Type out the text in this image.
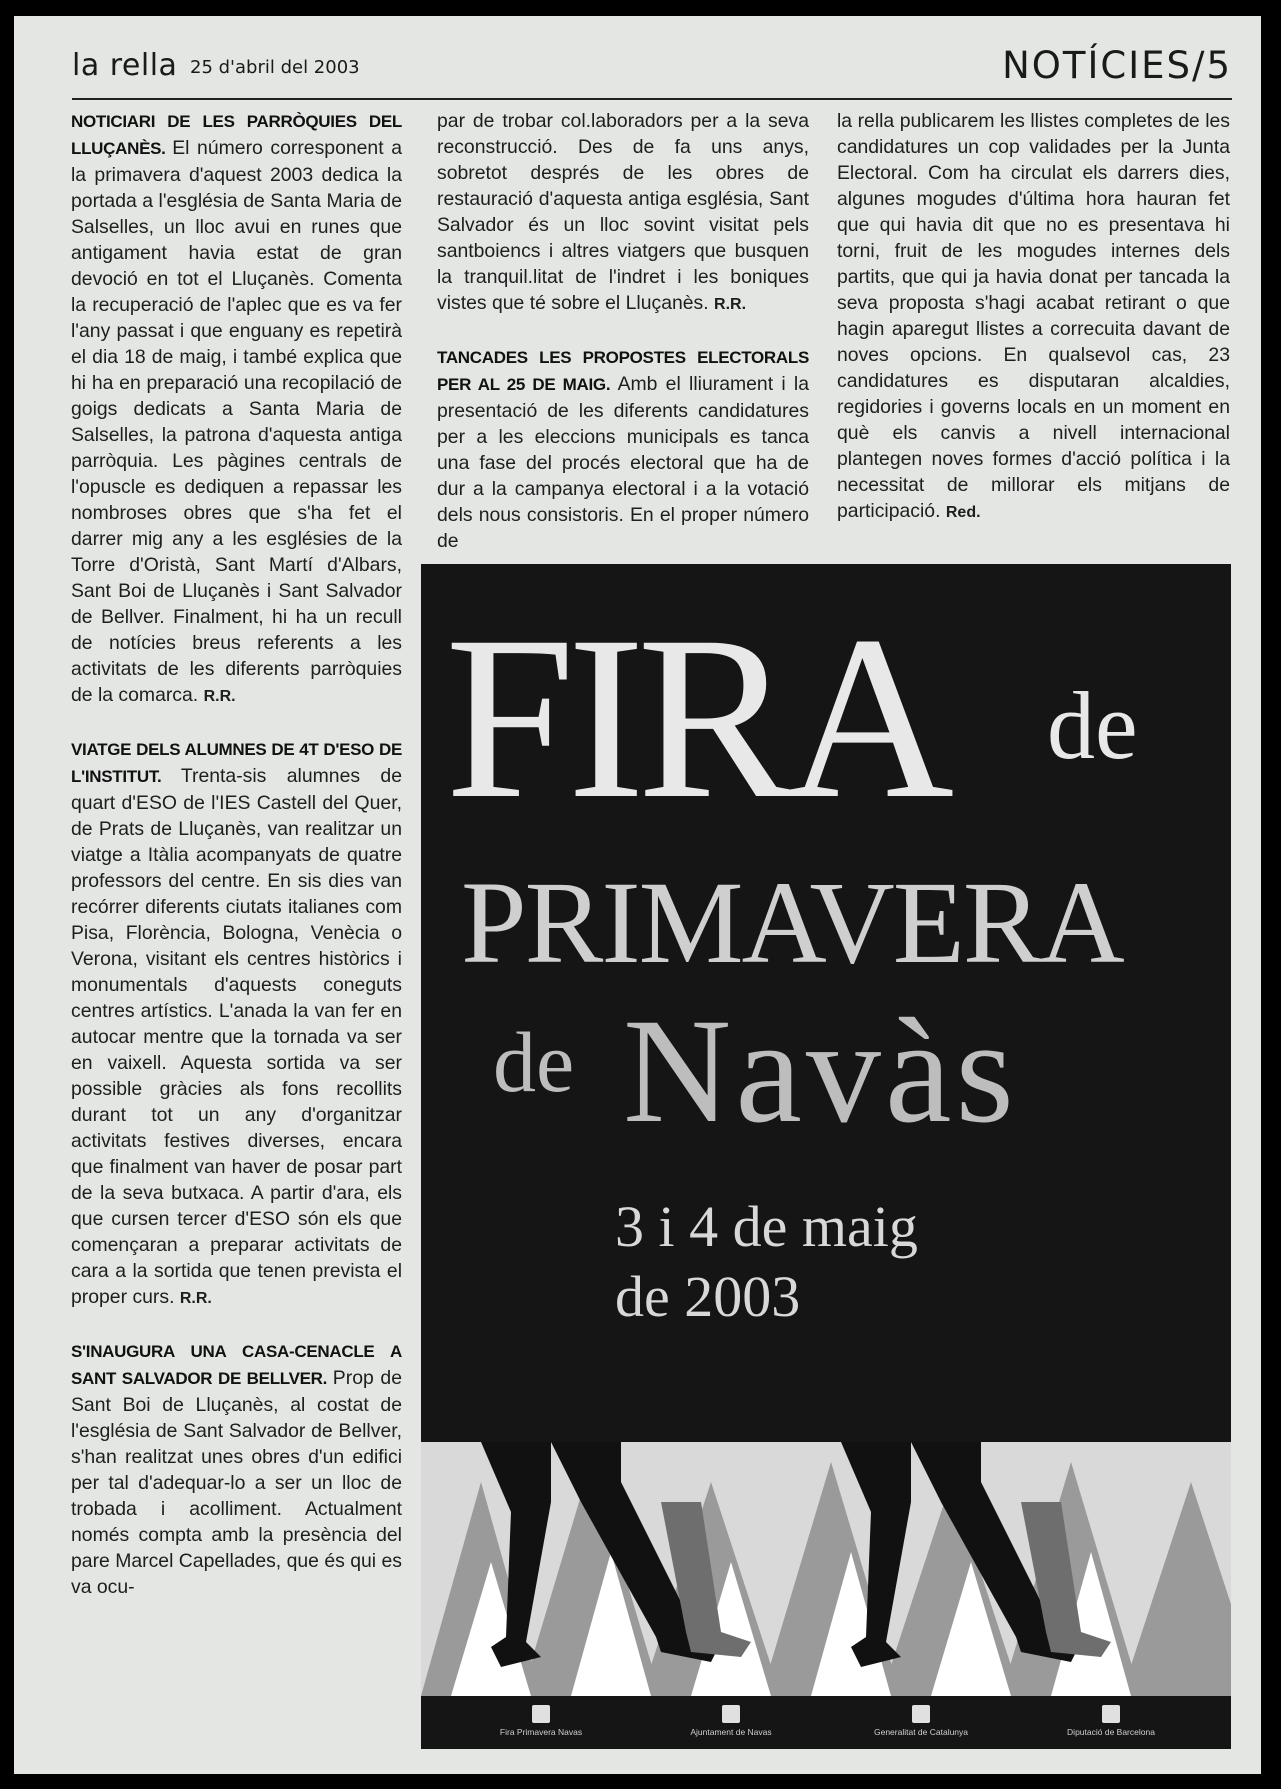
la rella 25 d'abril del 2003	NOTÍCIES/5

NOTICIARI DE LES PARRÒQUIES DEL LLUÇANÈS. El número corresponent a la primavera d'aquest 2003 dedica la portada a l'església de Santa Maria de Salselles, un lloc avui en runes que antigament havia estat de gran devoció en tot el Lluçanès. Comenta la recuperació de l'aplec que es va fer l'any passat i que enguany es repetirà el dia 18 de maig, i també explica que hi ha en preparació una recopilació de goigs dedicats a Santa Maria de Salselles, la patrona d'aquesta antiga parròquia. Les pàgines centrals de l'opuscle es dediquen a repassar les nombroses obres que s'ha fet el darrer mig any a les esglésies de la Torre d'Oristà, Sant Martí d'Albars, Sant Boi de Lluçanès i Sant Salvador de Bellver. Finalment, hi ha un recull de notícies breus referents a les activitats de les diferents parròquies de la comarca. R.R.

VIATGE DELS ALUMNES DE 4T D'ESO DE L'INSTITUT. Trenta-sis alumnes de quart d'ESO de l'IES Castell del Quer, de Prats de Lluçanès, van realitzar un viatge a Itàlia acompanyats de quatre professors del centre. En sis dies van recórrer diferents ciutats italianes com Pisa, Florència, Bologna, Venècia o Verona, visitant els centres històrics i monumentals d'aquests coneguts centres artístics. L'anada la van fer en autocar mentre que la tornada va ser en vaixell. Aquesta sortida va ser possible gràcies als fons recollits durant tot un any d'organitzar activitats festives diverses, encara que finalment van haver de posar part de la seva butxaca. A partir d'ara, els que cursen tercer d'ESO són els que començaran a preparar activitats de cara a la sortida que tenen prevista el proper curs. R.R.

S'INAUGURA UNA CASA-CENACLE A SANT SALVADOR DE BELLVER. Prop de Sant Boi de Lluçanès, al costat de l'església de Sant Salvador de Bellver, s'han realitzat unes obres d'un edifici per tal d'adequar-lo a ser un lloc de trobada i acolliment. Actualment només compta amb la presència del pare Marcel Capellades, que és qui es va ocu-

par de trobar col.laboradors per a la seva reconstrucció. Des de fa uns anys, sobretot després de les obres de restauració d'aquesta antiga església, Sant Salvador és un lloc sovint visitat pels santboiencs i altres viatgers que busquen la tranquil.litat de l'indret i les boniques vistes que té sobre el Lluçanès. R.R.

TANCADES LES PROPOSTES ELECTORALS PER AL 25 DE MAIG. Amb el lliurament i la presentació de les diferents candidatures per a les eleccions municipals es tanca una fase del procés electoral que ha de dur a la campanya electoral i a la votació dels nous consistoris. En el proper número de

la rella publicarem les llistes completes de les candidatures un cop validades per la Junta Electoral. Com ha circulat els darrers dies, algunes mogudes d'última hora hauran fet que qui havia dit que no es presentava hi torni, fruit de les mogudes internes dels partits, que qui ja havia donat per tancada la seva proposta s'hagi acabat retirant o que hagin aparegut llistes a correcuita davant de noves opcions. En qualsevol cas, 23 candidatures es disputaran alcaldies, regidories i governs locals en un moment en què els canvis a nivell internacional plantegen noves formes d'acció política i la necessitat de millorar els mitjans de participació. Red.

FIRA de
PRIMAVERA
de Navàs
3 i 4 de maig
de 2003
Fira Primavera Navas	Ajuntament de Navas	Generalitat de Catalunya	Diputació de Barcelona
